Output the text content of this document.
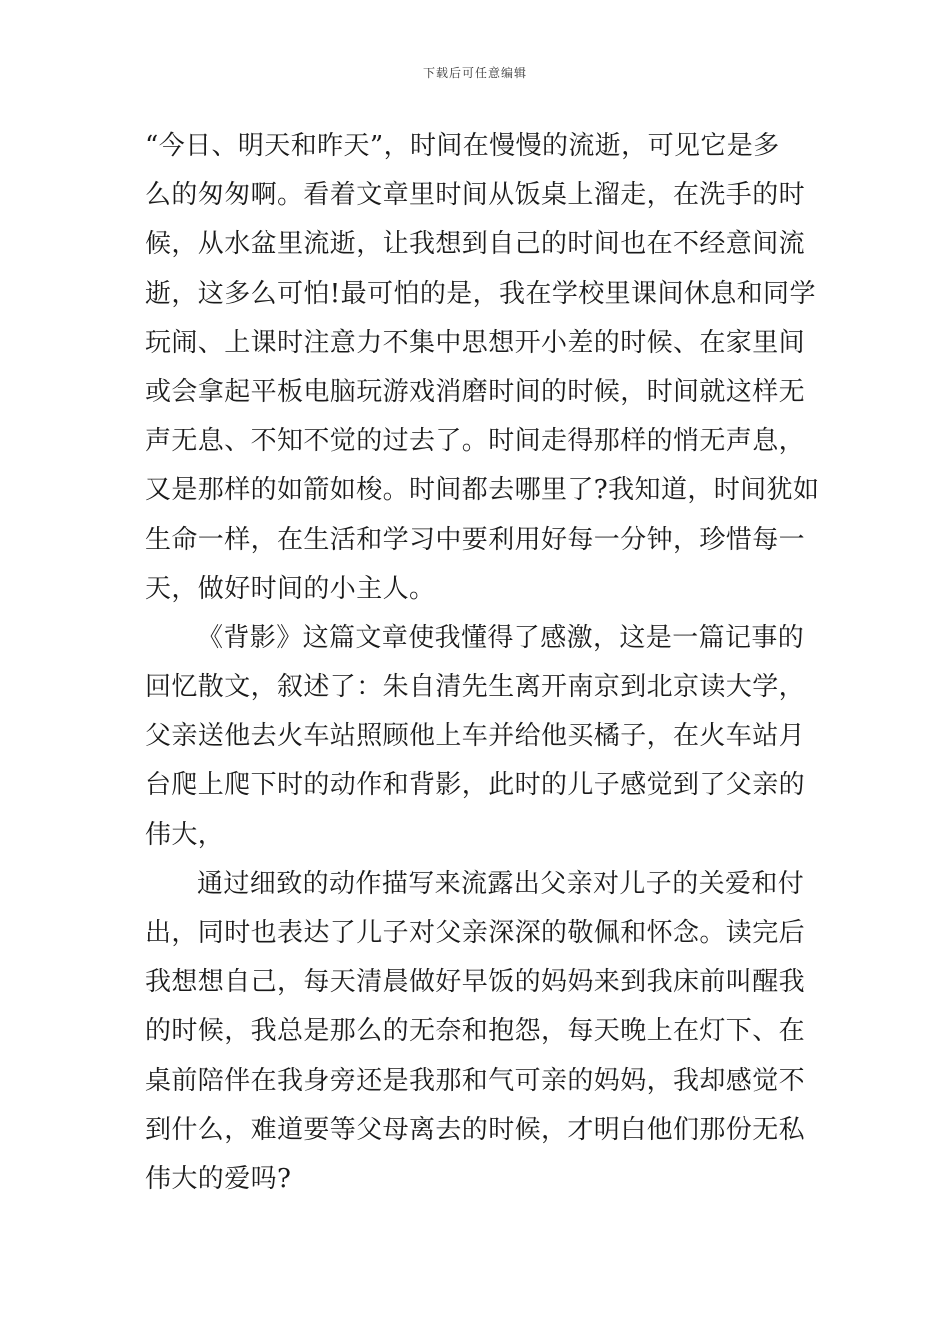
下载后可任意编辑
“今日、明天和昨天”，时间在慢慢的流逝，可见它是多
么的匆匆啊。看着文章里时间从饭桌上溜走，在洗手的时
候，从水盆里流逝，让我想到自己的时间也在不经意间流
逝，这多么可怕!最可怕的是，我在学校里课间休息和同学
玩闹、上课时注意力不集中思想开小差的时候、在家里间
或会拿起平板电脑玩游戏消磨时间的时候，时间就这样无
声无息、不知不觉的过去了。时间走得那样的悄无声息，
又是那样的如箭如梭。时间都去哪里了?我知道，时间犹如
生命一样，在生活和学习中要利用好每一分钟，珍惜每一
天，做好时间的小主人。
《背影》这篇文章使我懂得了感激，这是一篇记事的
回忆散文，叙述了：朱自清先生离开南京到北京读大学，
父亲送他去火车站照顾他上车并给他买橘子，在火车站月
台爬上爬下时的动作和背影，此时的儿子感觉到了父亲的
伟大，
通过细致的动作描写来流露出父亲对儿子的关爱和付
出，同时也表达了儿子对父亲深深的敬佩和怀念。读完后
我想想自己，每天清晨做好早饭的妈妈来到我床前叫醒我
的时候，我总是那么的无奈和抱怨，每天晚上在灯下、在
桌前陪伴在我身旁还是我那和气可亲的妈妈，我却感觉不
到什么，难道要等父母离去的时候，才明白他们那份无私
伟大的爱吗?
